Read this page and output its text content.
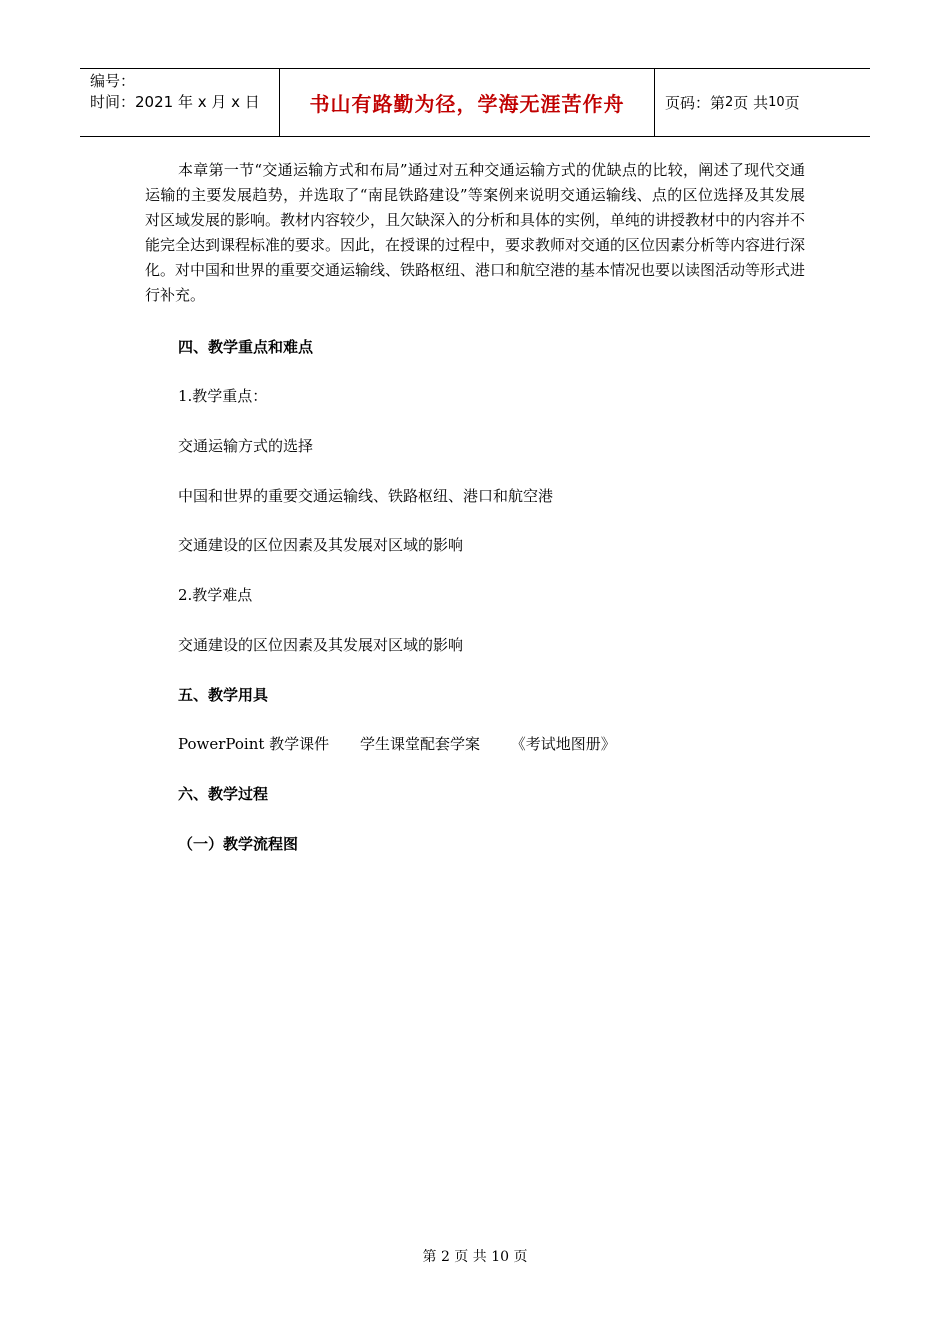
编号：
时间：2021 年 x 月 x 日	书山有路勤为径，学海无涯苦作舟	页码：第 2 页 共 10 页

本章第一节“交通运输方式和布局”通过对五种交通运输方式的优缺点的比较，阐述了现代交通运输的主要发展趋势，并选取了“南昆铁路建设”等案例来说明交通运输线、点的区位选择及其发展对区域发展的影响。教材内容较少，且欠缺深入的分析和具体的实例，单纯的讲授教材中的内容并不能完全达到课程标准的要求。因此，在授课的过程中，要求教师对交通的区位因素分析等内容进行深化。对中国和世界的重要交通运输线、铁路枢纽、港口和航空港的基本情况也要以读图活动等形式进行补充。

四、教学重点和难点
1.教学重点：
交通运输方式的选择
中国和世界的重要交通运输线、铁路枢纽、港口和航空港
交通建设的区位因素及其发展对区域的影响
2.教学难点
交通建设的区位因素及其发展对区域的影响
五、教学用具
PowerPoint 教学课件 学生课堂配套学案 《考试地图册》
六、教学过程
（一）教学流程图
第 2 页 共 10 页
